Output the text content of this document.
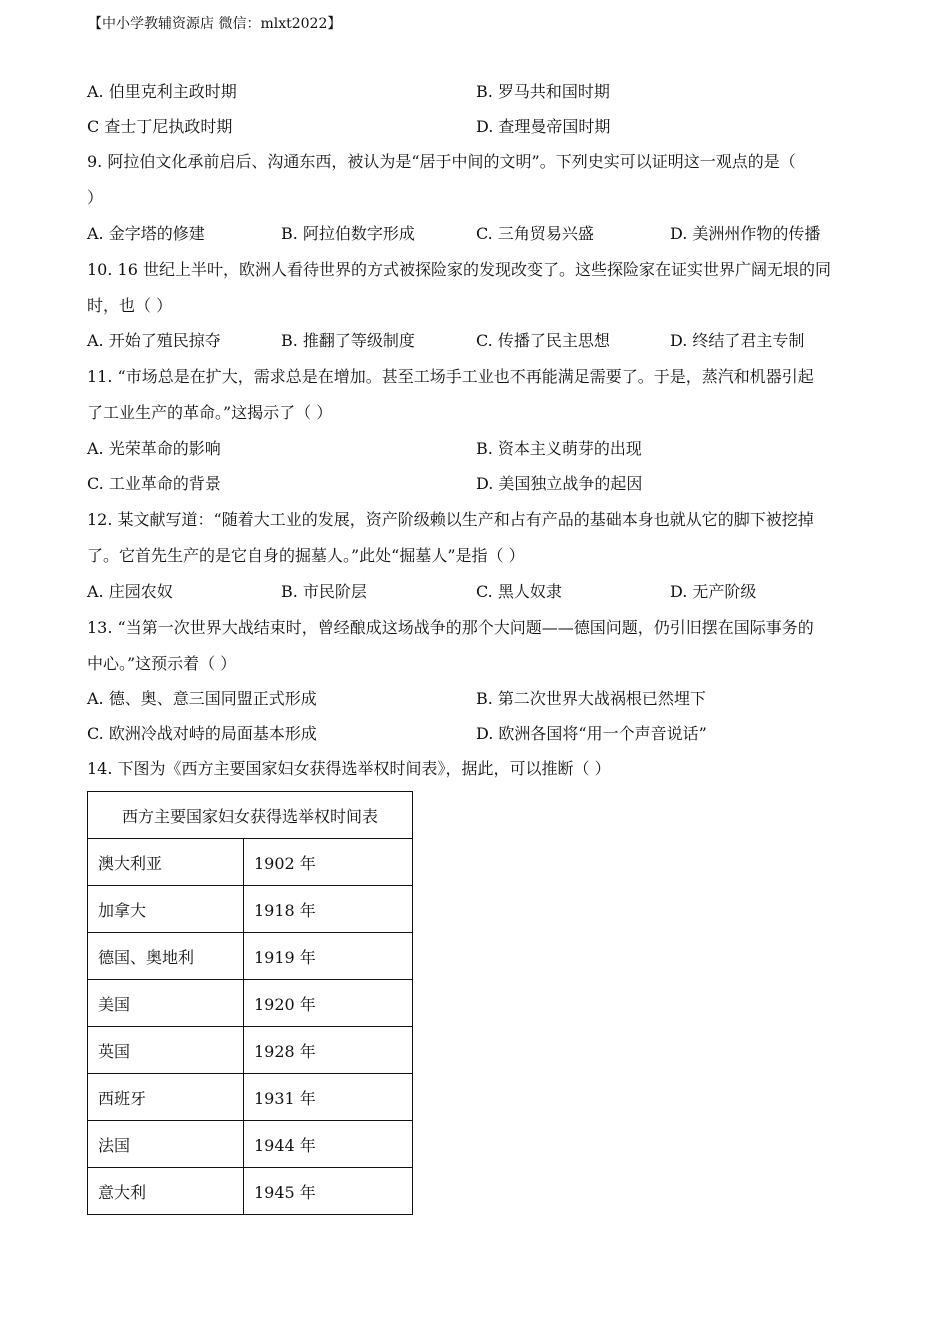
【中小学教辅资源店 微信：mlxt2022】
A. 伯里克利主政时期	B. 罗马共和国时期
C 查士丁尼执政时期	D. 查理曼帝国时期
9. 阿拉伯文化承前启后、沟通东西，被认为是“居于中间的文明”。下列史实可以证明这一观点的是（
）
A. 金字塔的修建	B. 阿拉伯数字形成	C. 三角贸易兴盛	D. 美洲州作物的传播
10. 16 世纪上半叶，欧洲人看待世界的方式被探险家的发现改变了。这些探险家在证实世界广阔无垠的同
时，也（ ）
A. 开始了殖民掠夺	B. 推翻了等级制度	C. 传播了民主思想	D. 终结了君主专制
11. “市场总是在扩大，需求总是在增加。甚至工场手工业也不再能满足需要了。于是，蒸汽和机器引起
了工业生产的革命。”这揭示了（ ）
A. 光荣革命的影响	B. 资本主义萌芽的出现
C. 工业革命的背景	D. 美国独立战争的起因
12. 某文献写道：“随着大工业的发展，资产阶级赖以生产和占有产品的基础本身也就从它的脚下被挖掉
了。它首先生产的是它自身的掘墓人。”此处“掘墓人”是指（ ）
A. 庄园农奴	B. 市民阶层	C. 黑人奴隶	D. 无产阶级
13. “当第一次世界大战结束时，曾经酿成这场战争的那个大问题——德国问题，仍引旧摆在国际事务的
中心。”这预示着（ ）
A. 德、奥、意三国同盟正式形成	B. 第二次世界大战祸根已然埋下
C. 欧洲冷战对峙的局面基本形成	D. 欧洲各国将“用一个声音说话”
14. 下图为《西方主要国家妇女获得选举权时间表》，据此，可以推断（ ）
西方主要国家妇女获得选举权时间表	
澳大利亚	1902 年
加拿大	1918 年
德国、奥地利	1919 年
美国	1920 年
英国	1928 年
西班牙	1931 年
法国	1944 年
意大利	1945 年
